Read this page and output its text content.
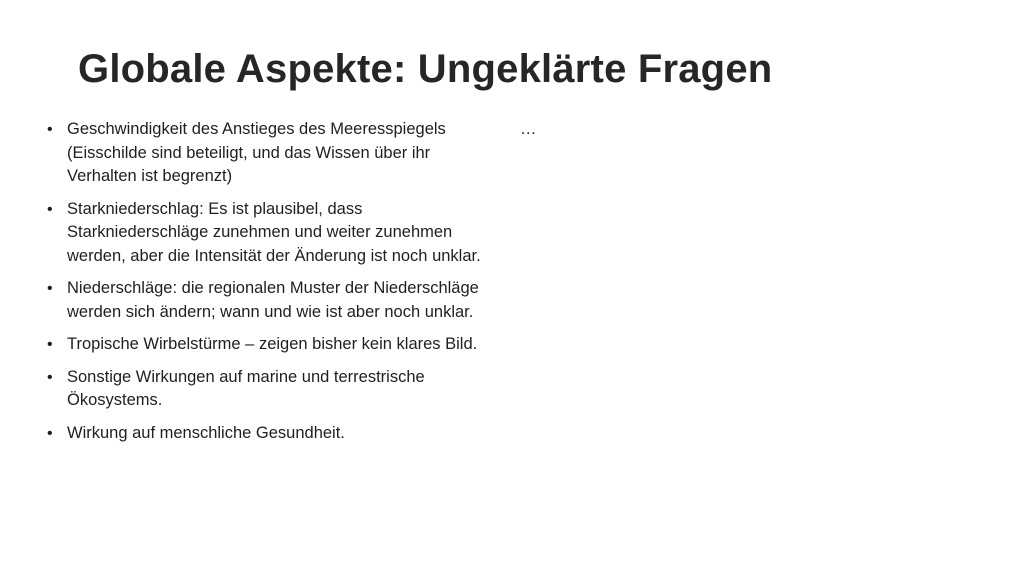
Globale Aspekte: Ungeklärte Fragen
• Geschwindigkeit des Anstieges des Meeresspiegels (Eisschilde sind beteiligt, und das Wissen über ihr Verhalten ist begrenzt)
• Starkniederschlag: Es ist plausibel, dass Starkniederschläge zunehmen und weiter zunehmen werden, aber die Intensität der Änderung ist noch unklar.
• Niederschläge: die regionalen Muster der Niederschläge werden sich ändern; wann und wie ist aber noch unklar.
• Tropische Wirbelstürme – zeigen bisher kein klares Bild.
• Sonstige Wirkungen auf marine und terrestrische Ökosystems.
• Wirkung auf menschliche Gesundheit.
…
